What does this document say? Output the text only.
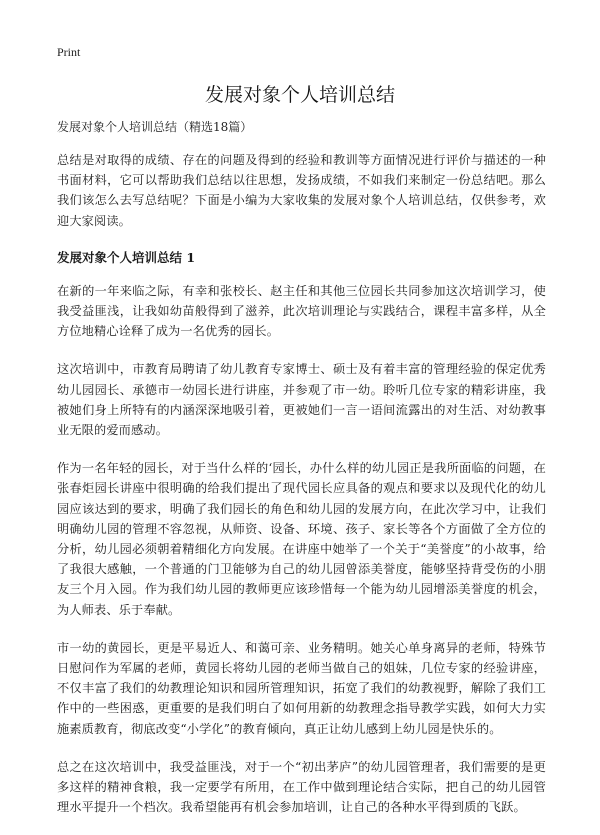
Print
发展对象个人培训总结
发展对象个人培训总结（精选18篇）

总结是对取得的成绩、存在的问题及得到的经验和教训等方面情况进行评价与描述的一种书面材料，它可以帮助我们总结以往思想，发扬成绩，不如我们来制定一份总结吧。那么我们该怎么去写总结呢？下面是小编为大家收集的发展对象个人培训总结，仅供参考，欢迎大家阅读。

发展对象个人培训总结 1

在新的一年来临之际，有幸和张校长、赵主任和其他三位园长共同参加这次培训学习，使我受益匪浅，让我如幼苗般得到了滋养，此次培训理论与实践结合，课程丰富多样，从全方位地精心诠释了成为一名优秀的园长。

这次培训中，市教育局聘请了幼儿教育专家博士、硕士及有着丰富的管理经验的保定优秀幼儿园园长、承德市一幼园长进行讲座，并参观了市一幼。聆听几位专家的精彩讲座，我被她们身上所特有的内涵深深地吸引着，更被她们一言一语间流露出的对生活、对幼教事业无限的爱而感动。

作为一名年轻的园长，对于当什么样的‘园长，办什么样的幼儿园正是我所面临的问题，在张春炬园长讲座中很明确的给我们提出了现代园长应具备的观点和要求以及现代化的幼儿园应该达到的要求，明确了我们园长的角色和幼儿园的发展方向，在此次学习中，让我们明确幼儿园的管理不容忽视，从师资、设备、环境、孩子、家长等各个方面做了全方位的分析，幼儿园必须朝着精细化方向发展。在讲座中她举了一个关于“美誉度”的小故事，给了我很大感触，一个普通的门卫能够为自己的幼儿园曾添美誉度，能够坚持背受伤的小朋友三个月入园。作为我们幼儿园的教师更应该珍惜每一个能为幼儿园增添美誉度的机会，为人师表、乐于奉献。

市一幼的黄园长，更是平易近人、和蔼可亲、业务精明。她关心单身离异的老师，特殊节日慰问作为军属的老师，黄园长将幼儿园的老师当做自己的姐妹，几位专家的经验讲座，不仅丰富了我们的幼教理论知识和园所管理知识，拓宽了我们的幼教视野，解除了我们工作中的一些困惑，更重要的是我们明白了如何用新的幼教理念指导教学实践，如何大力实施素质教育，彻底改变“小学化”的教育倾向，真正让幼儿感到上幼儿园是快乐的。

总之在这次培训中，我受益匪浅，对于一个“初出茅庐”的幼儿园管理者，我们需要的是更多这样的精神食粮，我一定要学有所用，在工作中做到理论结合实际，把自己的幼儿园管理水平提升一个档次。我希望能再有机会参加培训，让自己的各种水平得到质的飞跃。
